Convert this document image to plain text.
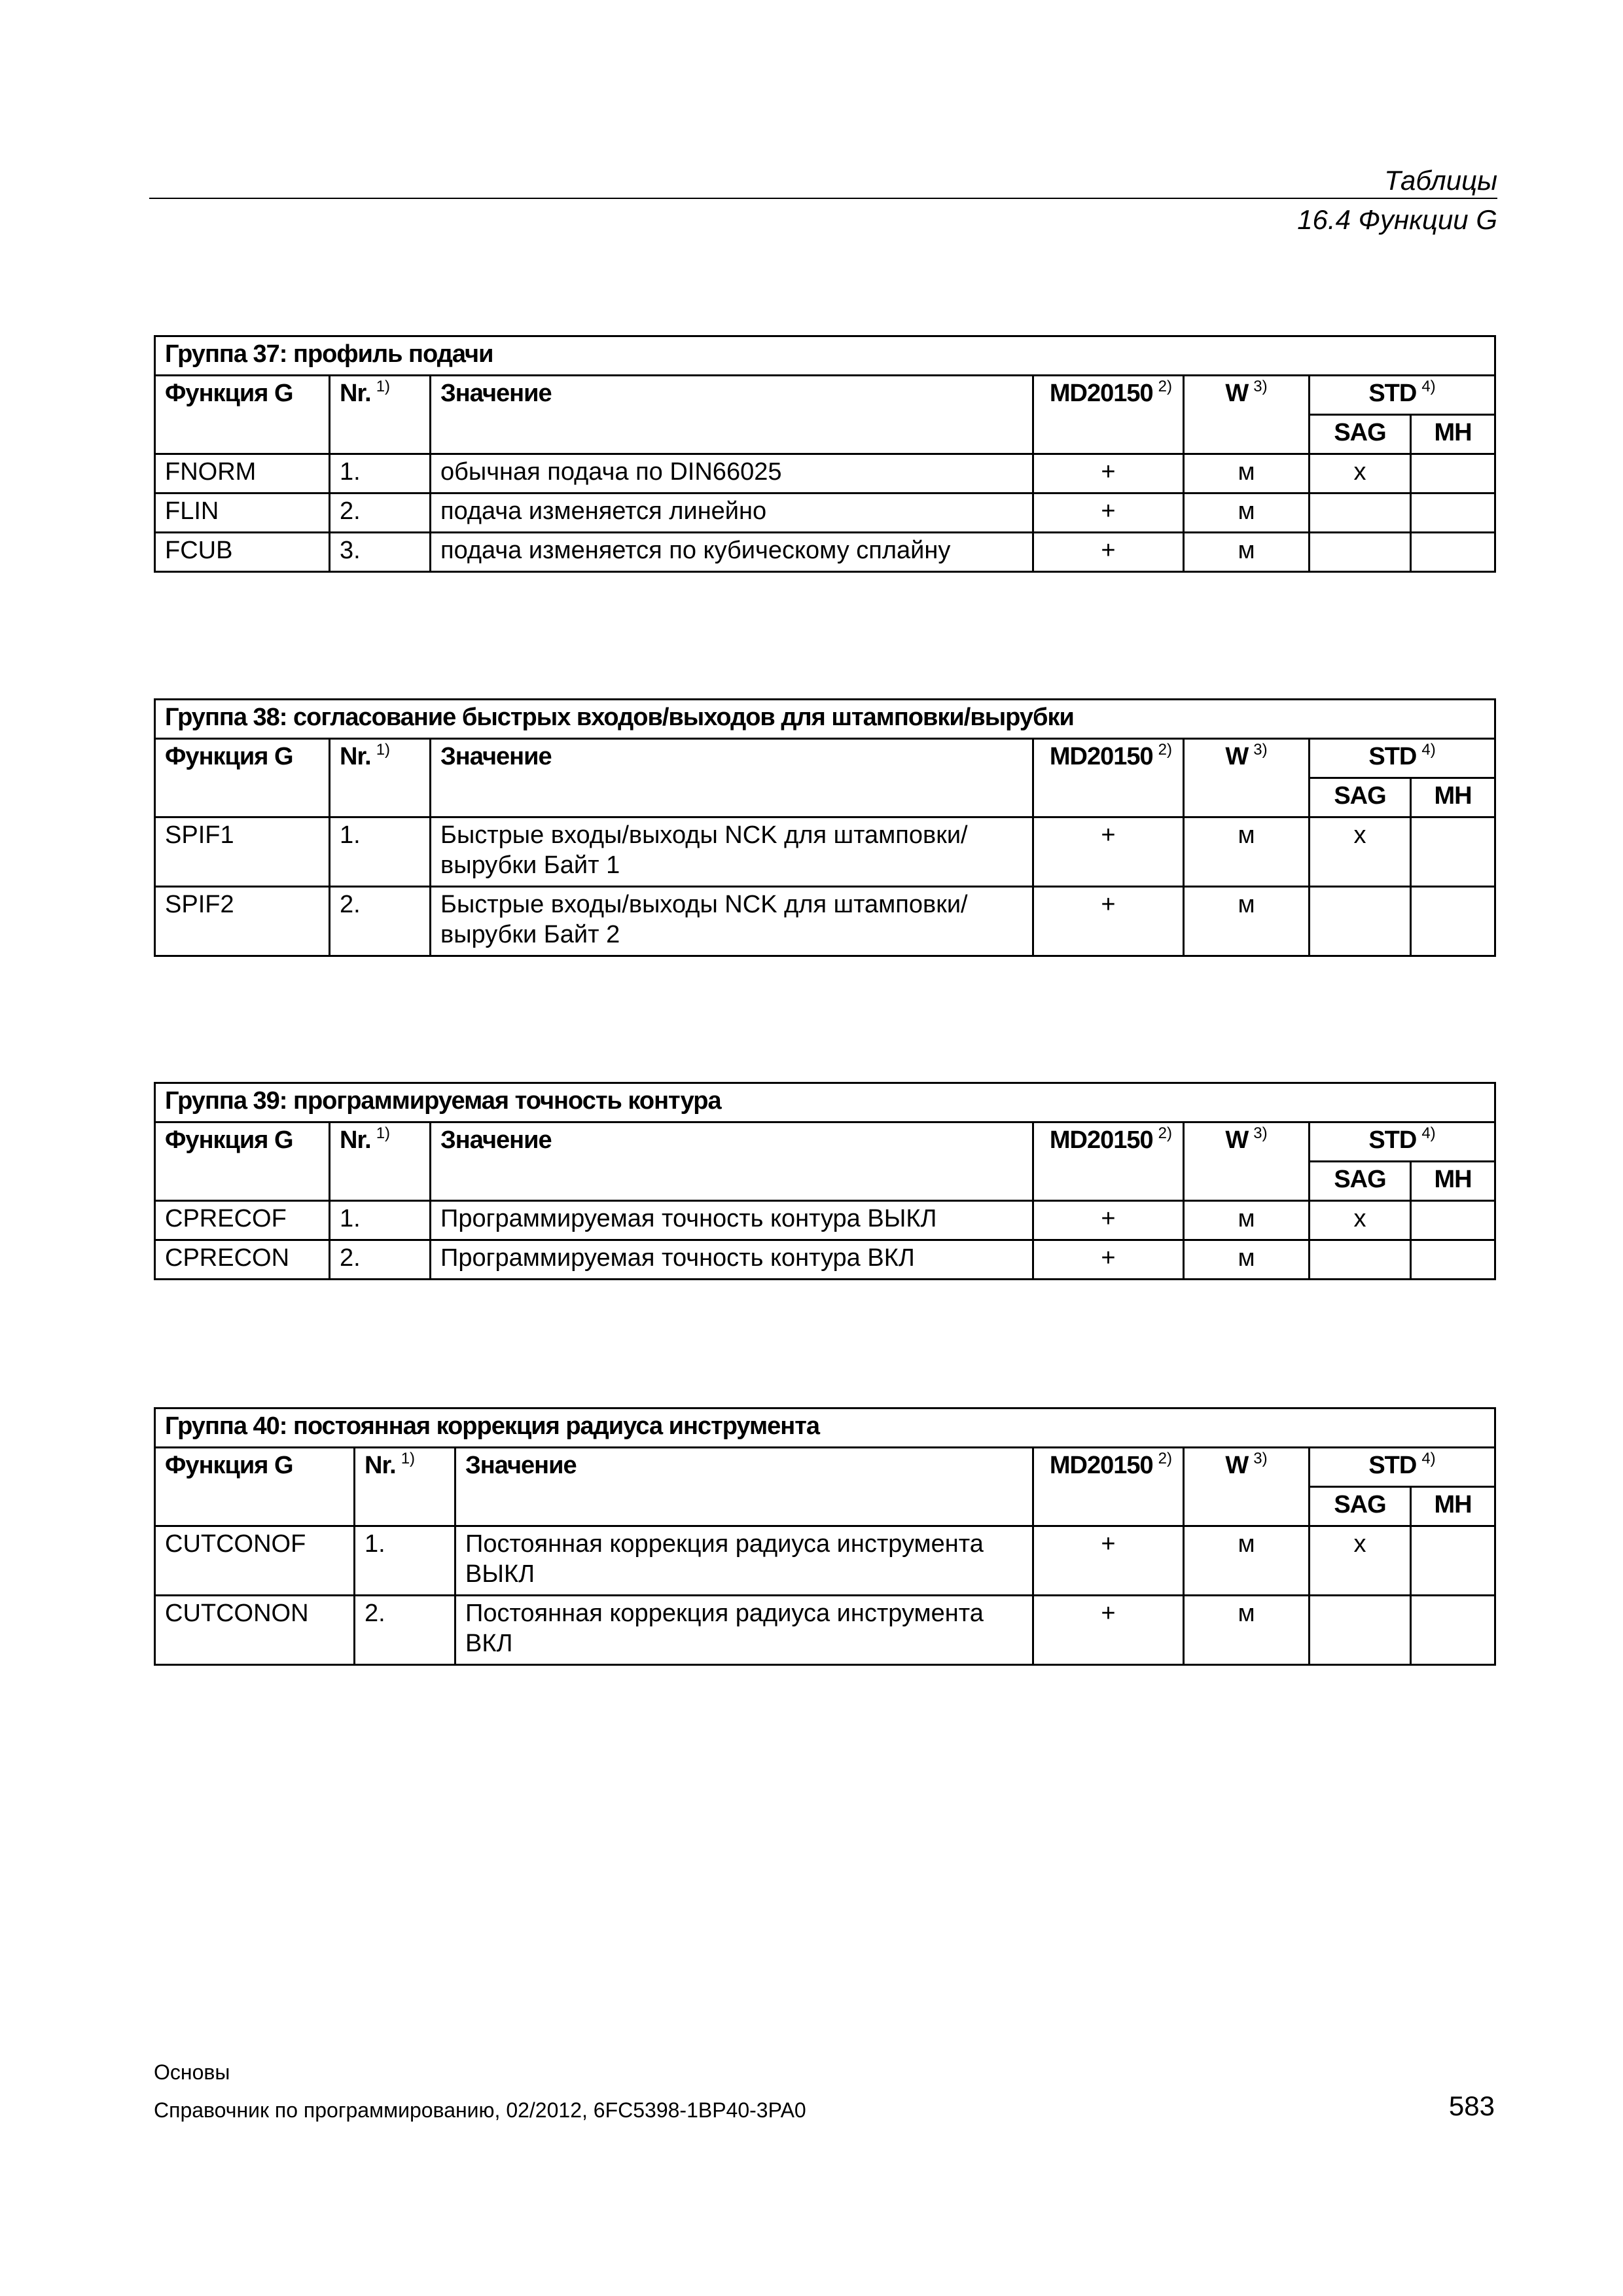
Таблицы
16.4 Функции G
Группа 37: профиль подачи						
Функция G	Nr. $^{1)}$	Значение	MD20150 $^{2)}$	W $^{3)}$	STD $^{4)}$
					SAG	MH
FNORM	1.	обычная подача по DIN66025	+	м	x	
FLIN	2.	подача изменяется линейно	+	м		
FCUB	3.	подача изменяется по кубическому сплайну	+	м		
Группа 38: согласование быстрых входов/выходов для штамповки/вырубки						
Функция G	Nr. $^{1)}$	Значение	MD20150 $^{2)}$	W $^{3)}$	STD $^{4)}$
					SAG	MH
SPIF1	1.	Быстрые входы/выходы NCK для штамповки/вырубки Байт 1	+	м	x	
SPIF2	2.	Быстрые входы/выходы NCK для штамповки/вырубки Байт 2	+	м		
Группа 39: программируемая точность контура						
Функция G	Nr. $^{1)}$	Значение	MD20150 $^{2)}$	W $^{3)}$	STD $^{4)}$
					SAG	MH
CPRECOF	1.	Программируемая точность контура ВЫКЛ	+	м	x	
CPRECON	2.	Программируемая точность контура ВКЛ	+	м		
Группа 40: постоянная коррекция радиуса инструмента						
Функция G	Nr. $^{1)}$	Значение	MD20150 $^{2)}$	W $^{3)}$	STD $^{4)}$
					SAG	MH
CUTCONOF	1.	Постоянная коррекция радиуса инструмента ВЫКЛ	+	м	x	
CUTCONON	2.	Постоянная коррекция радиуса инструмента ВКЛ	+	м		
Основы
Справочник по программированию, 02/2012, 6FC5398-1BP40-3PA0	583
